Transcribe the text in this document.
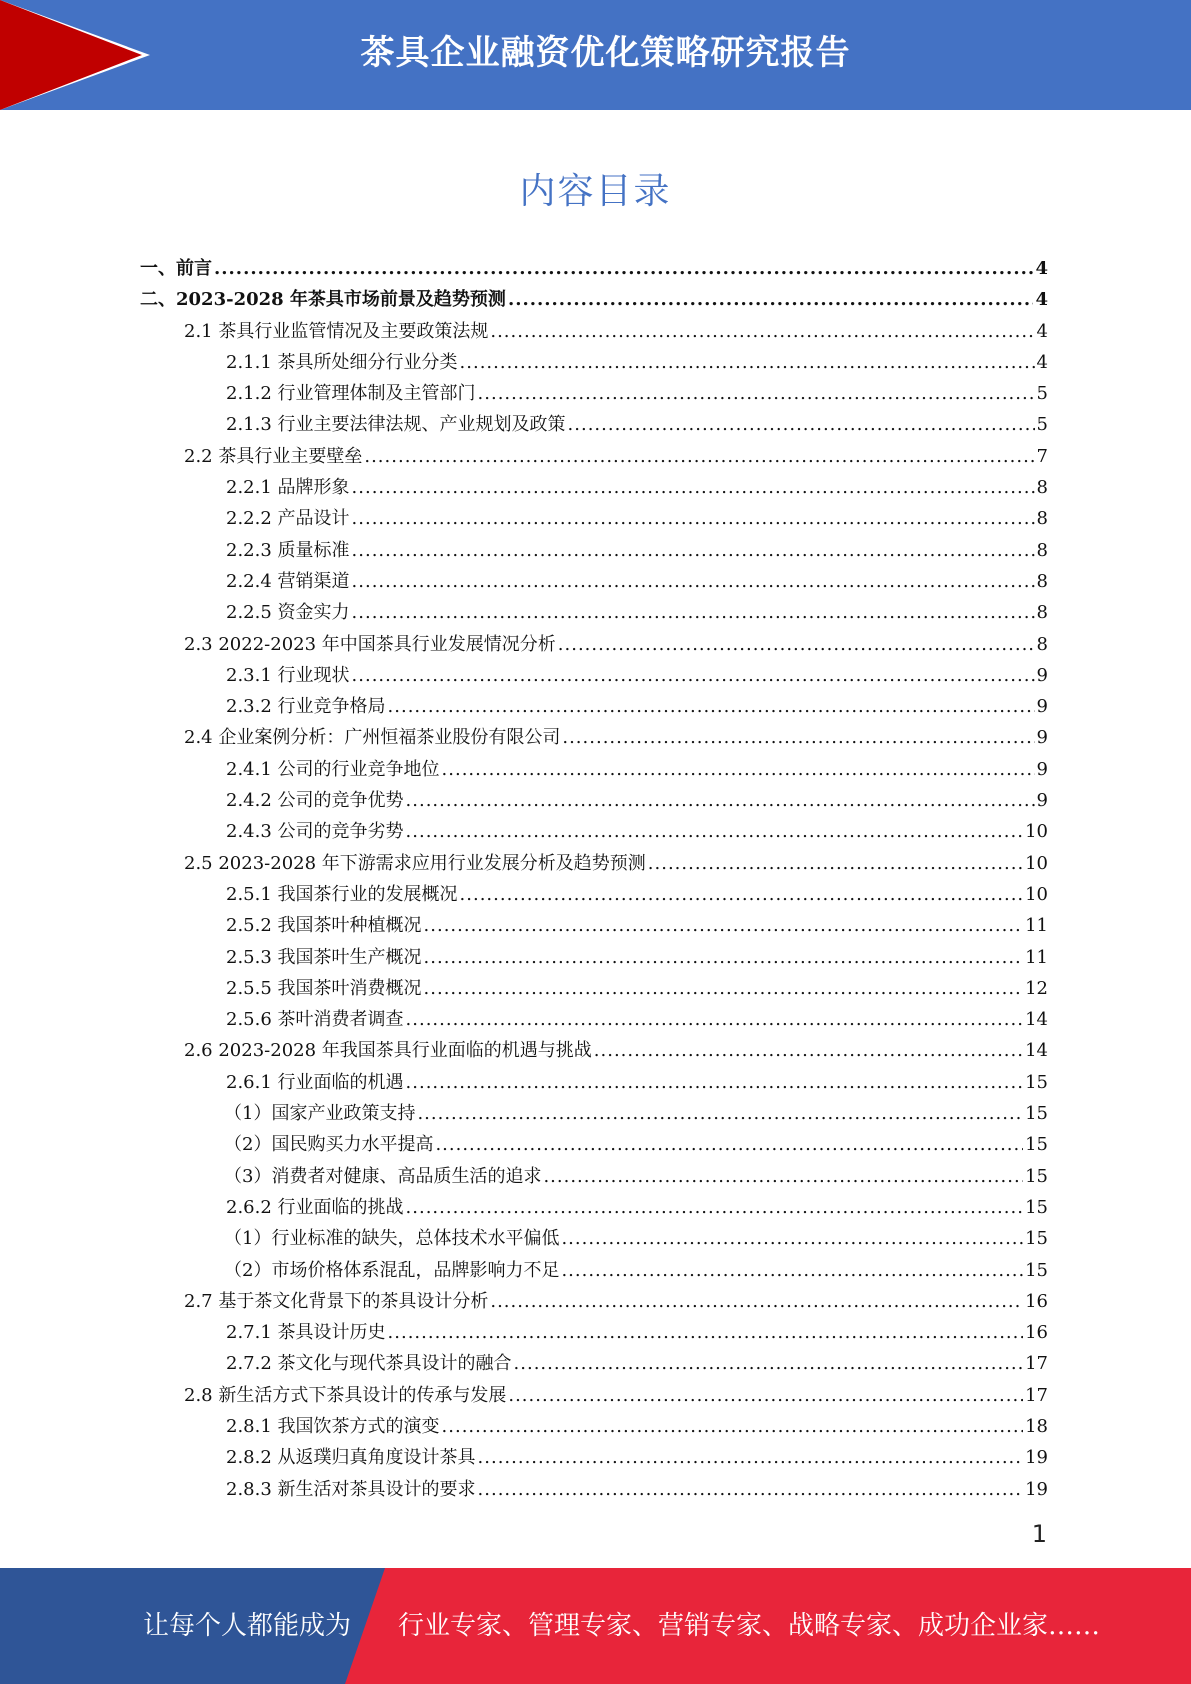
茶具企业融资优化策略研究报告
内容目录
一、前言 .....	4
二、2023-2028 年茶具市场前景及趋势预测 .....	4
2.1 茶具行业监管情况及主要政策法规 .....	4
2.1.1 茶具所处细分行业分类 .....	4
2.1.2 行业管理体制及主管部门 .....	5
2.1.3 行业主要法律法规、产业规划及政策 .....	5
2.2 茶具行业主要壁垒 .....	7
2.2.1 品牌形象 .....	8
2.2.2 产品设计 .....	8
2.2.3 质量标准 .....	8
2.2.4 营销渠道 .....	8
2.2.5 资金实力 .....	8
2.3 2022-2023 年中国茶具行业发展情况分析 .....	8
2.3.1 行业现状 .....	9
2.3.2 行业竞争格局 .....	9
2.4 企业案例分析：广州恒福茶业股份有限公司 .....	9
2.4.1 公司的行业竞争地位 .....	9
2.4.2 公司的竞争优势 .....	9
2.4.3 公司的竞争劣势 .....	10
2.5 2023-2028 年下游需求应用行业发展分析及趋势预测 .....	10
2.5.1 我国茶行业的发展概况 .....	10
2.5.2 我国茶叶种植概况 .....	11
2.5.3 我国茶叶生产概况 .....	11
2.5.5 我国茶叶消费概况 .....	12
2.5.6 茶叶消费者调查 .....	14
2.6 2023-2028 年我国茶具行业面临的机遇与挑战 .....	14
2.6.1 行业面临的机遇 .....	15
（1）国家产业政策支持 .....	15
（2）国民购买力水平提高 .....	15
（3）消费者对健康、高品质生活的追求 .....	15
2.6.2 行业面临的挑战 .....	15
（1）行业标准的缺失，总体技术水平偏低 .....	15
（2）市场价格体系混乱，品牌影响力不足 .....	15
2.7 基于茶文化背景下的茶具设计分析 .....	16
2.7.1 茶具设计历史 .....	16
2.7.2 茶文化与现代茶具设计的融合 .....	17
2.8 新生活方式下茶具设计的传承与发展 .....	17
2.8.1 我国饮茶方式的演变 .....	18
2.8.2 从返璞归真角度设计茶具 .....	19
2.8.3 新生活对茶具设计的要求 .....	19
1
让每个人都能成为 行业专家、管理专家、营销专家、战略专家、成功企业家……
